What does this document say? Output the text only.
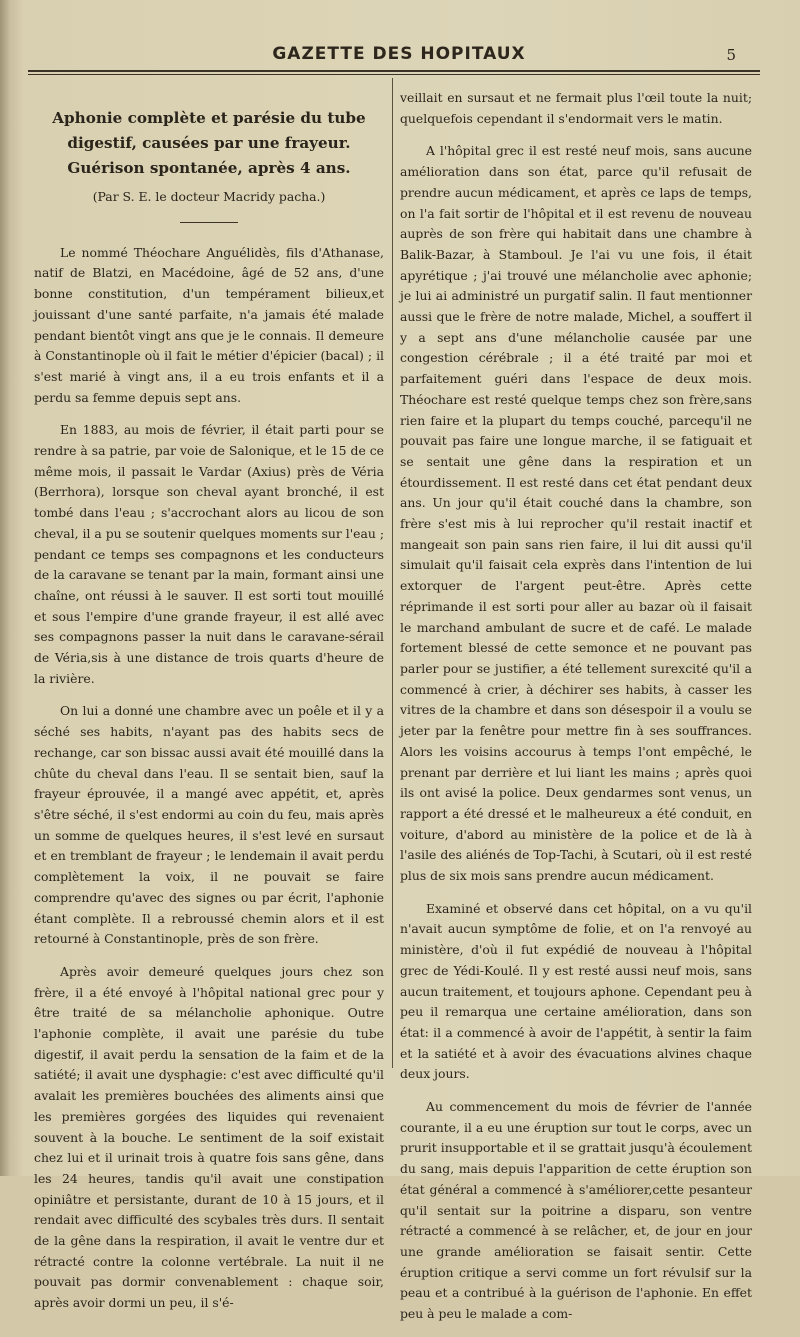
GAZETTE DES HOPITAUX	5
Aphonie complète et parésie du tube digestif, causées par une frayeur. Guérison spontanée, après 4 ans.
(Par S. E. le docteur Macridy pacha.)

Le nommé Théochare Anguélidès, fils d'Athanase, natif de Blatzi, en Macédoine, âgé de 52 ans, d'une bonne constitution, d'un tempérament bilieux,et jouissant d'une santé parfaite, n'a jamais été malade pendant bientôt vingt ans que je le connais. Il demeure à Constantinople où il fait le métier d'épicier (bacal) ; il s'est marié à vingt ans, il a eu trois enfants et il a perdu sa femme depuis sept ans.

En 1883, au mois de février, il était parti pour se rendre à sa patrie, par voie de Salonique, et le 15 de ce même mois, il passait le Vardar (Axius) près de Véria (Berrhora), lorsque son cheval ayant bronché, il est tombé dans l'eau ; s'accrochant alors au licou de son cheval, il a pu se soutenir quelques moments sur l'eau ; pendant ce temps ses compagnons et les conducteurs de la caravane se tenant par la main, formant ainsi une chaîne, ont réussi à le sauver. Il est sorti tout mouillé et sous l'empire d'une grande frayeur, il est allé avec ses compagnons passer la nuit dans le caravane-sérail de Véria,sis à une distance de trois quarts d'heure de la rivière.

On lui a donné une chambre avec un poêle et il y a séché ses habits, n'ayant pas des habits secs de rechange, car son bissac aussi avait été mouillé dans la chûte du cheval dans l'eau. Il se sentait bien, sauf la frayeur éprouvée, il a mangé avec appétit, et, après s'être séché, il s'est endormi au coin du feu, mais après un somme de quelques heures, il s'est levé en sursaut et en tremblant de frayeur ; le lendemain il avait perdu complètement la voix, il ne pouvait se faire comprendre qu'avec des signes ou par écrit, l'aphonie étant complète. Il a rebroussé chemin alors et il est retourné à Constantinople, près de son frère.

Après avoir demeuré quelques jours chez son frère, il a été envoyé à l'hôpital national grec pour y être traité de sa mélancholie aphonique. Outre l'aphonie complète, il avait une parésie du tube digestif, il avait perdu la sensation de la faim et de la satiété; il avait une dysphagie: c'est avec difficulté qu'il avalait les premières bouchées des aliments ainsi que les premières gorgées des liquides qui revenaient souvent à la bouche. Le sentiment de la soif existait chez lui et il urinait trois à quatre fois sans gêne, dans les 24 heures, tandis qu'il avait une constipation opiniâtre et persistante, durant de 10 à 15 jours, et il rendait avec difficulté des scybales très durs. Il sentait de la gêne dans la respiration, il avait le ventre dur et rétracté contre la colonne vertébrale. La nuit il ne pouvait pas dormir convenablement : chaque soir, après avoir dormi un peu, il s'é-

veillait en sursaut et ne fermait plus l'œil toute la nuit; quelquefois cependant il s'endormait vers le matin.

A l'hôpital grec il est resté neuf mois, sans aucune amélioration dans son état, parce qu'il refusait de prendre aucun médicament, et après ce laps de temps, on l'a fait sortir de l'hôpital et il est revenu de nouveau auprès de son frère qui habitait dans une chambre à Balik-Bazar, à Stamboul. Je l'ai vu une fois, il était apyrétique ; j'ai trouvé une mélancholie avec aphonie; je lui ai administré un purgatif salin. Il faut mentionner aussi que le frère de notre malade, Michel, a souffert il y a sept ans d'une mélancholie causée par une congestion cérébrale ; il a été traité par moi et parfaitement guéri dans l'espace de deux mois. Théochare est resté quelque temps chez son frère,sans rien faire et la plupart du temps couché, parcequ'il ne pouvait pas faire une longue marche, il se fatiguait et se sentait une gêne dans la respiration et un étourdissement. Il est resté dans cet état pendant deux ans. Un jour qu'il était couché dans la chambre, son frère s'est mis à lui reprocher qu'il restait inactif et mangeait son pain sans rien faire, il lui dit aussi qu'il simulait qu'il faisait cela exprès dans l'intention de lui extorquer de l'argent peut-être. Après cette réprimande il est sorti pour aller au bazar où il faisait le marchand ambulant de sucre et de café. Le malade fortement blessé de cette semonce et ne pouvant pas parler pour se justifier, a été tellement surexcité qu'il a commencé à crier, à déchirer ses habits, à casser les vitres de la chambre et dans son désespoir il a voulu se jeter par la fenêtre pour mettre fin à ses souffrances. Alors les voisins accourus à temps l'ont empêché, le prenant par derrière et lui liant les mains ; après quoi ils ont avisé la police. Deux gendarmes sont venus, un rapport a été dressé et le malheureux a été conduit, en voiture, d'abord au ministère de la police et de là à l'asile des aliénés de Top-Tachi, à Scutari, où il est resté plus de six mois sans prendre aucun médicament.

Examiné et observé dans cet hôpital, on a vu qu'il n'avait aucun symptôme de folie, et on l'a renvoyé au ministère, d'où il fut expédié de nouveau à l'hôpital grec de Yédi-Koulé. Il y est resté aussi neuf mois, sans aucun traitement, et toujours aphone. Cependant peu à peu il remarqua une certaine amélioration, dans son état: il a commencé à avoir de l'appétit, à sentir la faim et la satiété et à avoir des évacuations alvines chaque deux jours.

Au commencement du mois de février de l'année courante, il a eu une éruption sur tout le corps, avec un prurit insupportable et il se grattait jusqu'à écoulement du sang, mais depuis l'apparition de cette éruption son état général a commencé à s'améliorer,cette pesanteur qu'il sentait sur la poitrine a disparu, son ventre rétracté a commencé à se relâcher, et, de jour en jour une grande amélioration se faisait sentir. Cette éruption critique a servi comme un fort révulsif sur la peau et a contribué à la guérison de l'aphonie. En effet peu à peu le malade a com-
